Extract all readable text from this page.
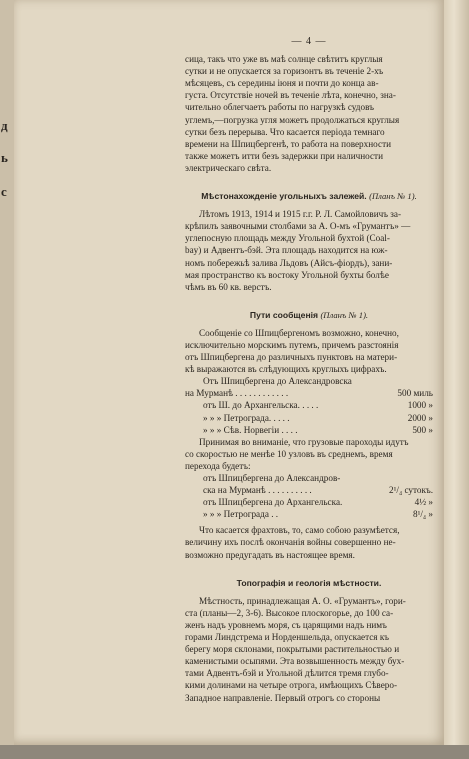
д
ь
с
— 4 —
сица, такъ что уже въ маѣ солнце свѣтитъ круглыя
сутки и не опускается за горизонтъ въ теченіе 2-хъ
мѣсяцевъ, съ середины іюня и почти до конца ав-
густа. Отсутствіе ночей въ теченіе лѣта, конечно, зна-
чительно облегчаетъ работы по нагрузкѣ судовъ
углемъ,—погрузка угля можетъ продолжаться круглыя
сутки безъ перерыва. Что касается періода темнаго
времени на Шпицбергенѣ, то работа на поверхности
также можетъ итти безъ задержки при наличности
электрическаго свѣта.
Мѣстонахожденіе угольныхъ залежей. (Планъ № 1).
Лѣтомъ 1913, 1914 и 1915 г.г. Р. Л. Самойловичъ за-
крѣпилъ заявочными столбами за А. О-мъ «Грумантъ» —
углепосную площадь между Угольной бухтой (Coal-
bay) и Адвентъ-бэй. Эта площадь находится на юж-
номъ побережьѣ залива Льдовъ (Айсъ-фіордъ), зани-
мая пространство къ востоку Угольной бухты болѣе
чѣмъ въ 60 кв. верстъ.
Пути сообщенія (Планъ № 1).
Сообщеніе со Шпицбергеномъ возможно, конечно,
исключительно морскимъ путемъ, причемъ разстоянія
отъ Шпицбергена до различныхъ пунктовъ на матери-
кѣ выражаются въ слѣдующихъ круглыхъ цифрахъ.
Отъ Шпицбергена до Александровска
на Мурманѣ . . . . . . . . . . . .	500 миль
отъ Ш. до Архангельска. . . . .	1000 »
» » » Петрограда. . . . .	2000 »
» » » Сѣв. Норвегіи . . . .	500 »
Принимая во вниманіе, что грузовые пароходы идутъ
со скоростью не менѣе 10 узловъ въ среднемъ, время
перехода будетъ:
отъ Шпицбергена до Александров-
ска на Мурманѣ . . . . . . . . . .	2¹/₄ сутокъ.
отъ Шпицбергена до Архангельска.	4½ »
» » » Петрограда . .	8¹/₄ »
Что касается фрахтовъ, то, само собою разумѣется,
величину ихъ послѣ окончанія войны совершенно не-
возможно предугадать въ настоящее время.
Топографія и геологія мѣстности.
Мѣстность, принадлежащая А. О. «Грумантъ», гори-
ста (планы—2, 3-6). Высокое плоскогорье, до 100 са-
женъ надъ уровнемъ моря, съ царящими надъ нимъ
горами Линдстрема и Норденшельда, опускается къ
берегу моря склонами, покрытыми растительностью и
каменистыми осыпями. Эта возвышенность между бух-
тами Адвентъ-бэй и Угольной дѣлится тремя глубо-
кими долинами на четыре отрога, имѣющихъ Сѣверо-
Западное направленіе. Первый отрогъ со стороны
